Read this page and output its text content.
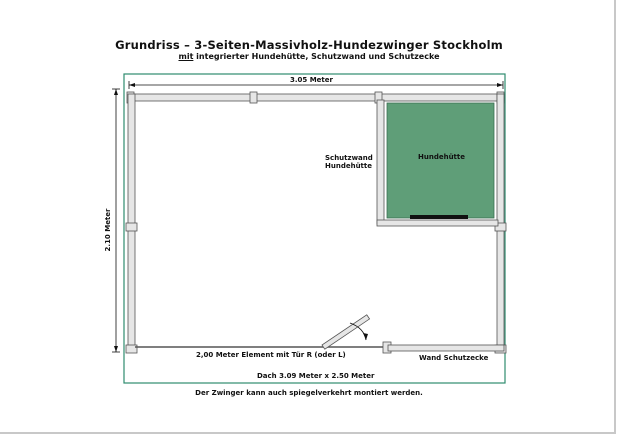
Grundriss – 3-Seiten-Massivholz-Hundezwinger Stockholm
mit integrierter Hundehütte, Schutzwand und Schutzecke
3.05 Meter
2.10 Meter
Hundehütte
Schutzwand
Hundehütte
2,00 Meter Element mit Tür R (oder L)	Wand Schutzecke
Dach 3.09 Meter x 2.50 Meter
Der Zwinger kann auch spiegelverkehrt montiert werden.
